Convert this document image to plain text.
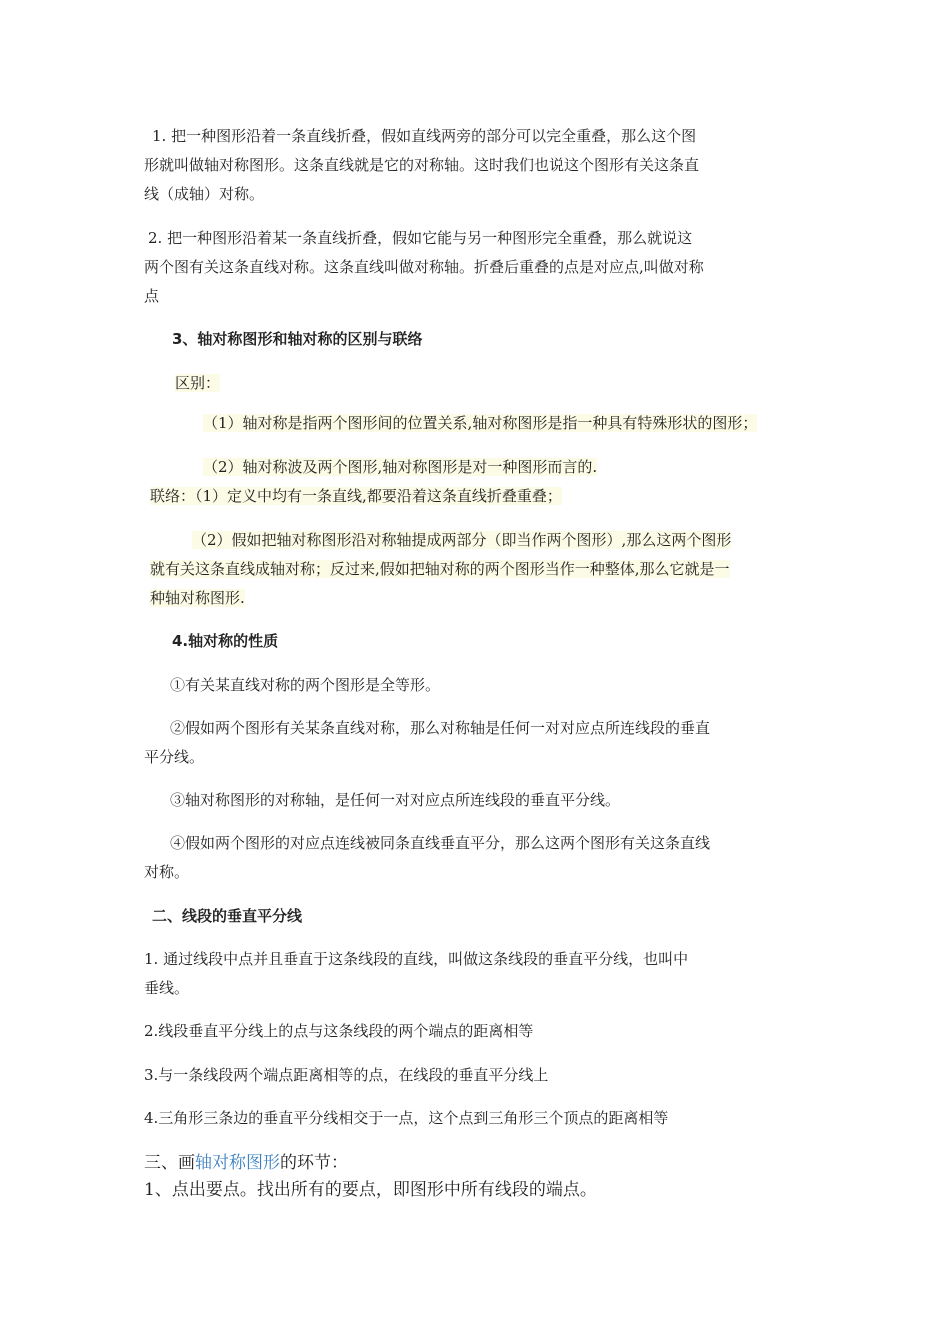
1. 把一种图形沿着一条直线折叠，假如直线两旁的部分可以完全重叠，那么这个图
形就叫做轴对称图形。这条直线就是它的对称轴。这时我们也说这个图形有关这条直
线（成轴）对称。
2. 把一种图形沿着某一条直线折叠，假如它能与另一种图形完全重叠，那么就说这
两个图有关这条直线对称。这条直线叫做对称轴。折叠后重叠的点是对应点,叫做对称
点
3、轴对称图形和轴对称的区别与联络
区别：
（1）轴对称是指两个图形间的位置关系,轴对称图形是指一种具有特殊形状的图形；
（2）轴对称波及两个图形,轴对称图形是对一种图形而言的.
联络：（1）定义中均有一条直线,都要沿着这条直线折叠重叠；
（2）假如把轴对称图形沿对称轴提成两部分（即当作两个图形）,那么这两个图形
就有关这条直线成轴对称；反过来,假如把轴对称的两个图形当作一种整体,那么它就是一
种轴对称图形.
4.轴对称的性质
①有关某直线对称的两个图形是全等形。
②假如两个图形有关某条直线对称，那么对称轴是任何一对对应点所连线段的垂直
平分线。
③轴对称图形的对称轴，是任何一对对应点所连线段的垂直平分线。
④假如两个图形的对应点连线被同条直线垂直平分，那么这两个图形有关这条直线
对称。
二、线段的垂直平分线
1. 通过线段中点并且垂直于这条线段的直线，叫做这条线段的垂直平分线，也叫中
垂线。
2.线段垂直平分线上的点与这条线段的两个端点的距离相等
3.与一条线段两个端点距离相等的点，在线段的垂直平分线上
4.三角形三条边的垂直平分线相交于一点，这个点到三角形三个顶点的距离相等
三、画轴对称图形的环节：
1、点出要点。找出所有的要点，即图形中所有线段的端点。
